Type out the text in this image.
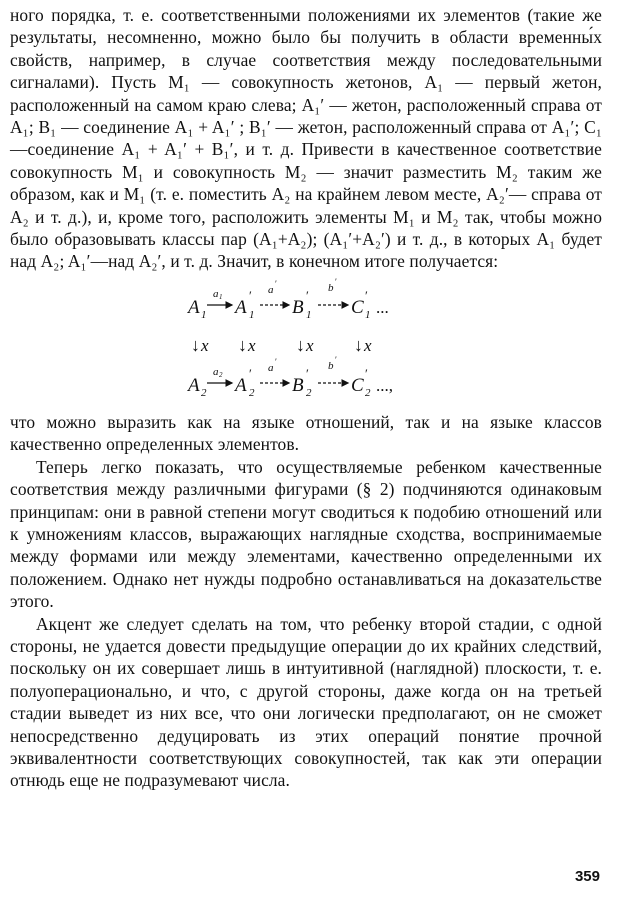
ного порядка, т. е. соответственными положениями их элементов (такие же результаты, несомненно, можно было бы получить в области временны́х свойств, например, в случае соответствия между последовательными сигналами). Пусть M₁ — совокупность жетонов, A₁ — первый жетон, расположенный на самом краю слева; A₁′ — жетон, расположенный справа от A₁; B₁ — соединение A₁ + A₁′ ; B₁′ — жетон, расположенный справа от A₁′; C₁ —соединение A₁ + A₁′ + B₁′, и т. д. Привести в качественное соответствие совокупность M₁ и совокупность M₂ — значит разместить M₂ таким же образом, как и M₁ (т. е. поместить A₂ на крайнем левом месте, A₂′— справа от A₂ и т. д.), и, кроме того, расположить элементы M₁ и M₂ так, чтобы можно было образовывать классы пар (A₁+A₂); (A₁′+A₂′) и т. д., в которых A₁ будет над A₂; A₁′—над A₂′, и т. д. Значит, в конечном итоге получается:

A 1
a 1 A
′
1
a ′
B
′
1
b ′
C
′
1 ...
↓ x ↓ x ↓ x ↓ x
A 2
a 2 A
′
2
a ′
B
′
2
b ′
C
′
2 ...,

что можно выразить как на языке отношений, так и на языке классов качественно определенных элементов.

Теперь легко показать, что осуществляемые ребенком качественные соответствия между различными фигурами (§ 2) подчиняются одинаковым принципам: они в равной степени могут сводиться к подобию отношений или к умножениям классов, выражающих наглядные сходства, воспринимаемые между формами или между элементами, качественно определенными их положением. Однако нет нужды подробно останавливаться на доказательстве этого.

Акцент же следует сделать на том, что ребенку второй стадии, с одной стороны, не удается довести предыдущие операции до их крайних следствий, поскольку он их совершает лишь в интуитивной (наглядной) плоскости, т. е. полуоперационально, и что, с другой стороны, даже когда он на третьей стадии выведет из них все, что они логически предполагают, он не сможет непосредственно дедуцировать из этих операций понятие прочной эквивалентности соответствующих совокупностей, так как эти операции отнюдь еще не подразумевают числа.

359
